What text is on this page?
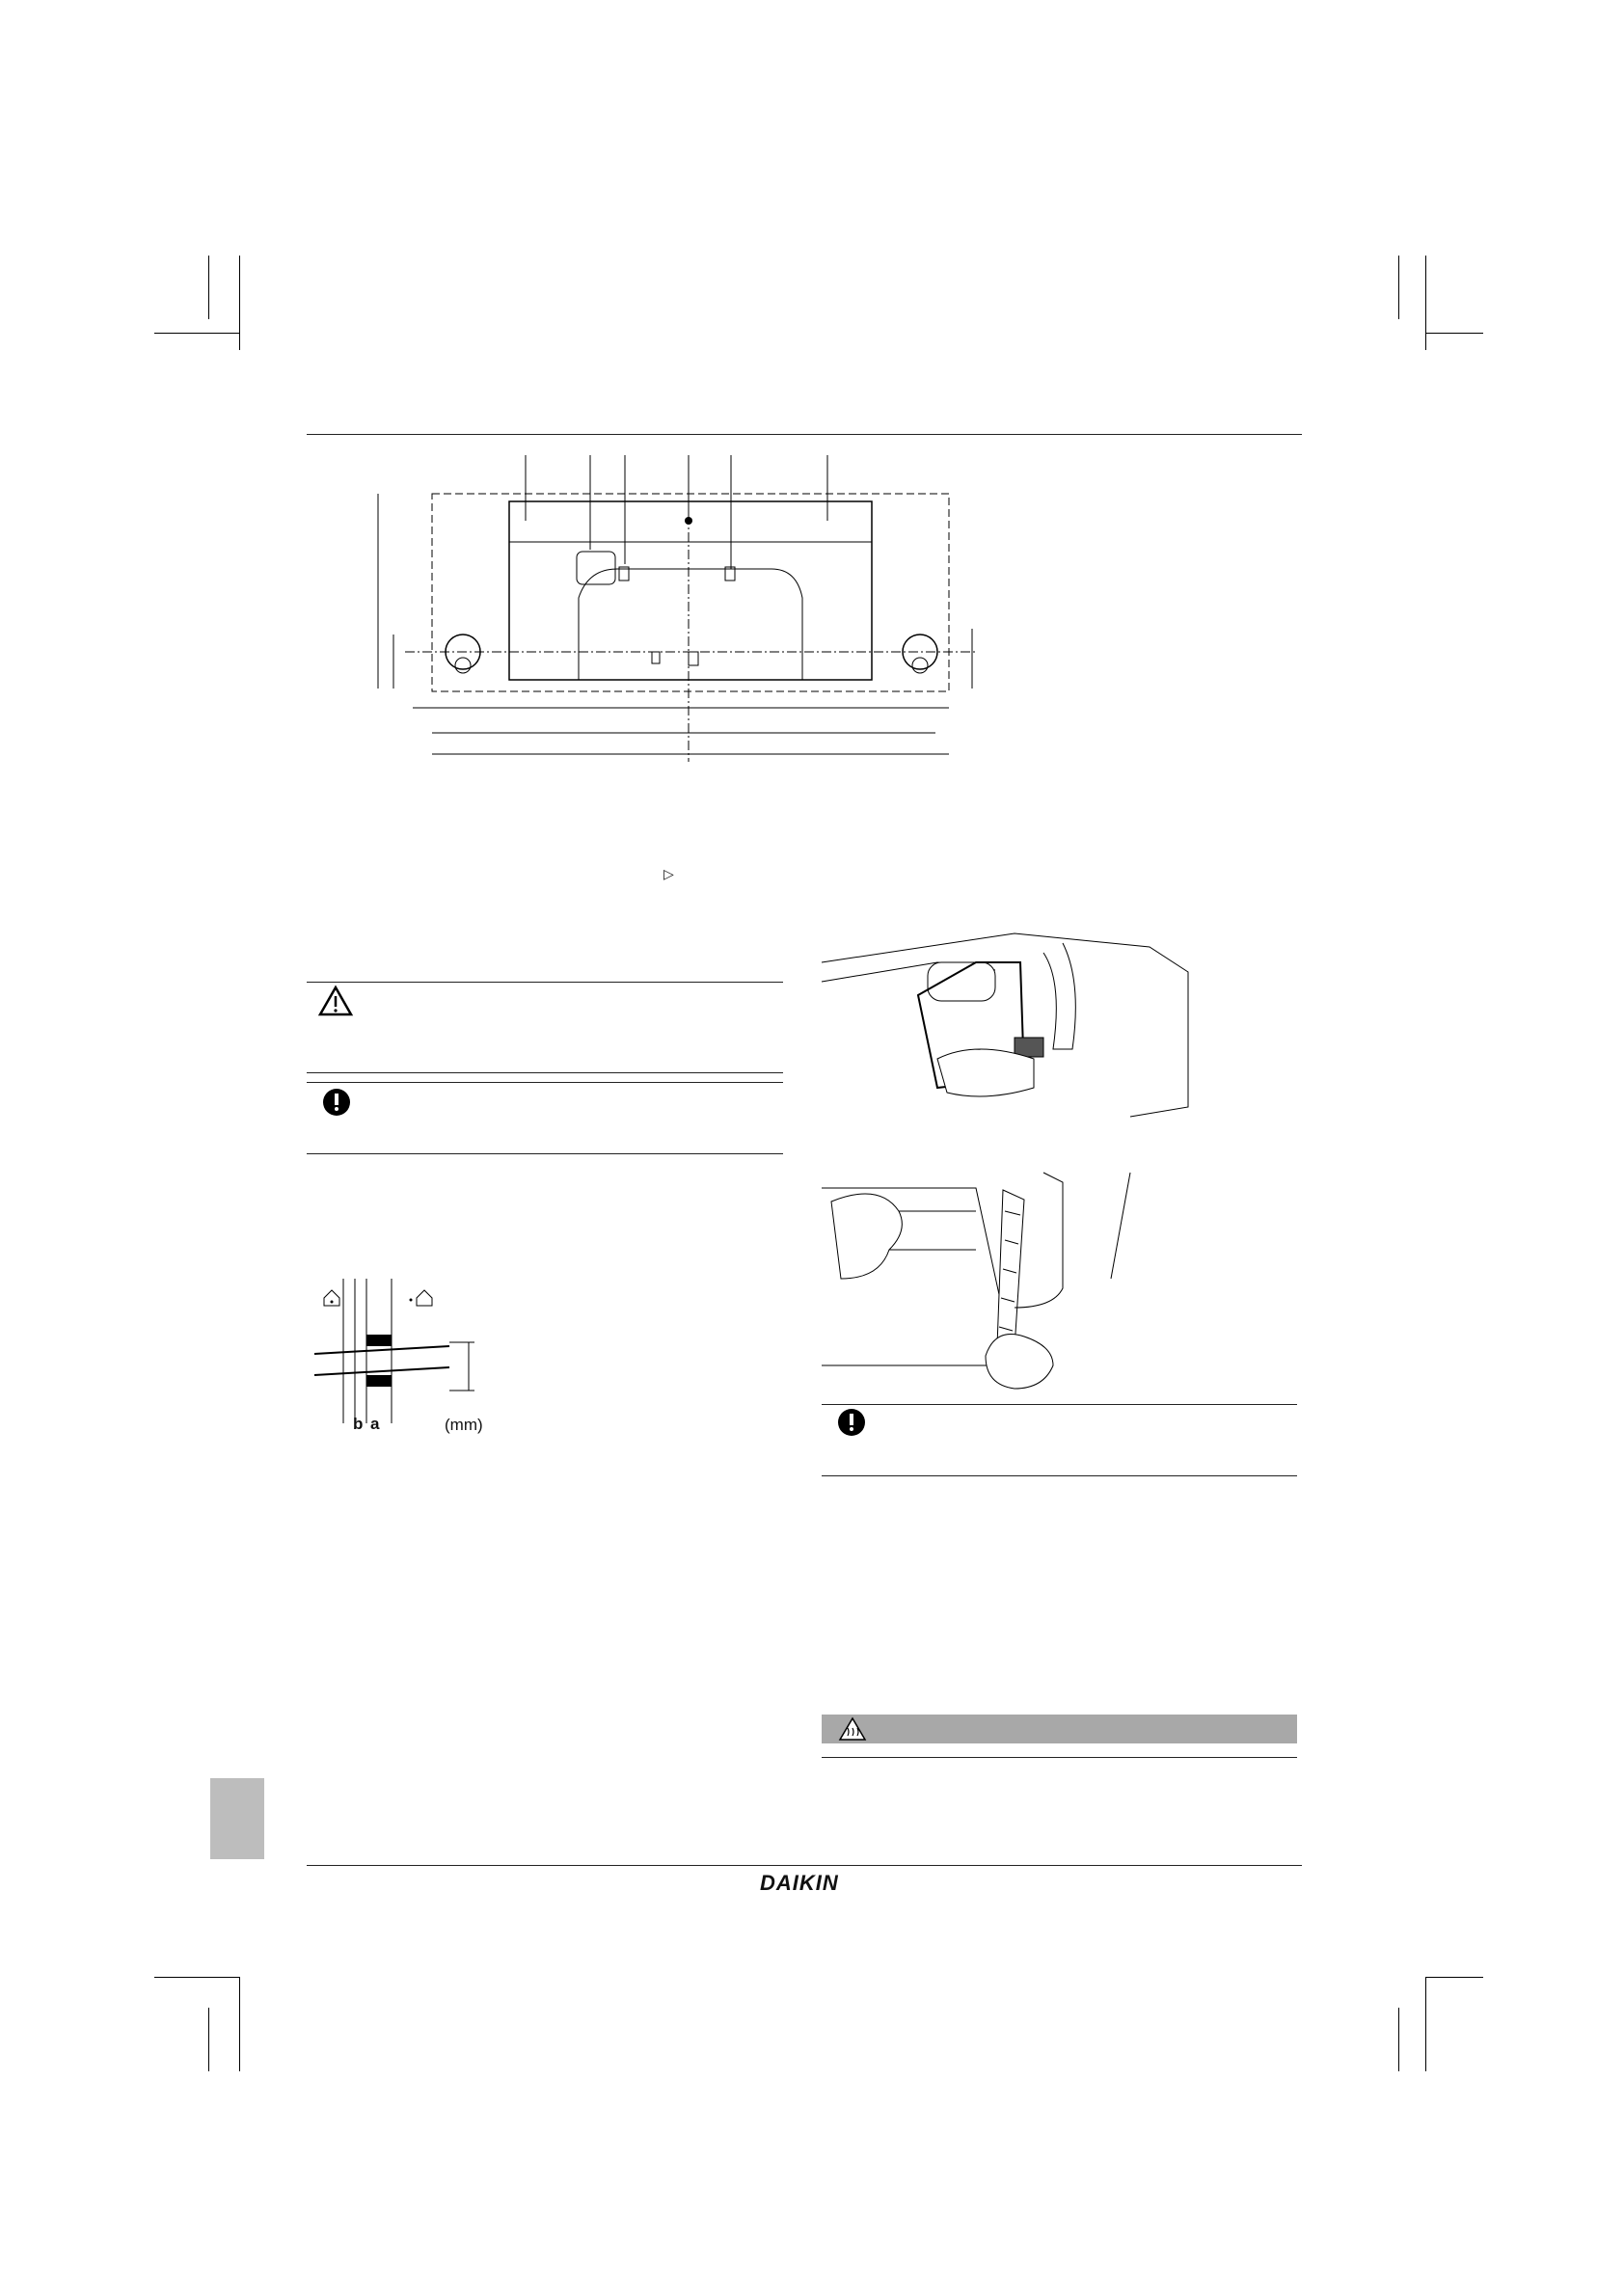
▷
b a	(mm)
DAIKIN
